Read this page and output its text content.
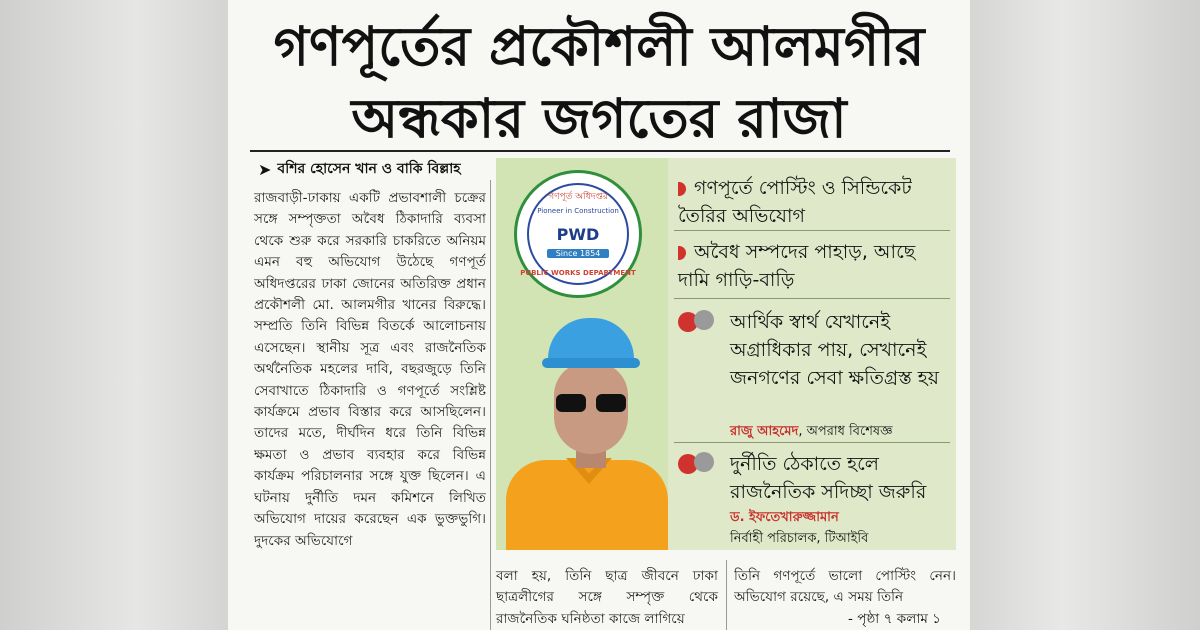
গণপূর্তের প্রকৌশলী আলমগীর
অন্ধকার জগতের রাজা
➤ বশির হোসেন খান ও বাকি বিল্লাহ

রাজবাড়ী-ঢাকায় একটি প্রভাবশালী চক্রের সঙ্গে সম্পৃক্ততা অবৈধ ঠিকাদারি ব্যবসা থেকে শুরু করে সরকারি চাকরিতে অনিয়ম এমন বহু অভিযোগ উঠেছে গণপূর্ত অধিদপ্তরের ঢাকা জোনের অতিরিক্ত প্রধান প্রকৌশলী মো. আলমগীর খানের বিরুদ্ধে। সম্প্রতি তিনি বিভিন্ন বিতর্কে আলোচনায় এসেছেন। স্থানীয় সূত্র এবং রাজনৈতিক অর্থনৈতিক মহলের দাবি, বছরজুড়ে তিনি সেবাখাতে ঠিকাদারি ও গণপূর্তে সংশ্লিষ্ট কার্যক্রমে প্রভাব বিস্তার করে আসছিলেন। তাদের মতে, দীর্ঘদিন ধরে তিনি বিভিন্ন ক্ষমতা ও প্রভাব ব্যবহার করে বিভিন্ন কার্যক্রম পরিচালনার সঙ্গে যুক্ত ছিলেন। এ ঘটনায় দুর্নীতি দমন কমিশনে লিখিত অভিযোগ দায়ের করেছেন এক ভুক্তভুগি। দুদকের অভিযোগে

গণপূর্ত অধিদপ্তর
Pioneer in Construction
PWD
Since 1854
PUBLIC WORKS DEPARTMENT
গণপূর্তে পোস্টিং ও সিন্ডিকেট তৈরির অভিযোগ
অবৈধ সম্পদের পাহাড়, আছে দামি গাড়ি-বাড়ি
আর্থিক স্বার্থ যেখানেই অগ্রাধিকার পায়, সেখানেই জনগণের সেবা ক্ষতিগ্রস্ত হয়
রাজু আহমেদ, অপরাধ বিশেষজ্ঞ
দুর্নীতি ঠেকাতে হলে রাজনৈতিক সদিচ্ছা জরুরি
ড. ইফতেখারুজ্জামান
নির্বাহী পরিচালক, টিআইবি

বলা হয়, তিনি ছাত্র জীবনে ঢাকা ছাত্রলীগের সঙ্গে সম্পৃক্ত থেকে রাজনৈতিক ঘনিষ্ঠতা কাজে লাগিয়ে

তিনি গণপূর্তে ভালো পোস্টিং নেন। অভিযোগ রয়েছে, এ সময় তিনি

- পৃষ্ঠা ৭ কলাম ১
